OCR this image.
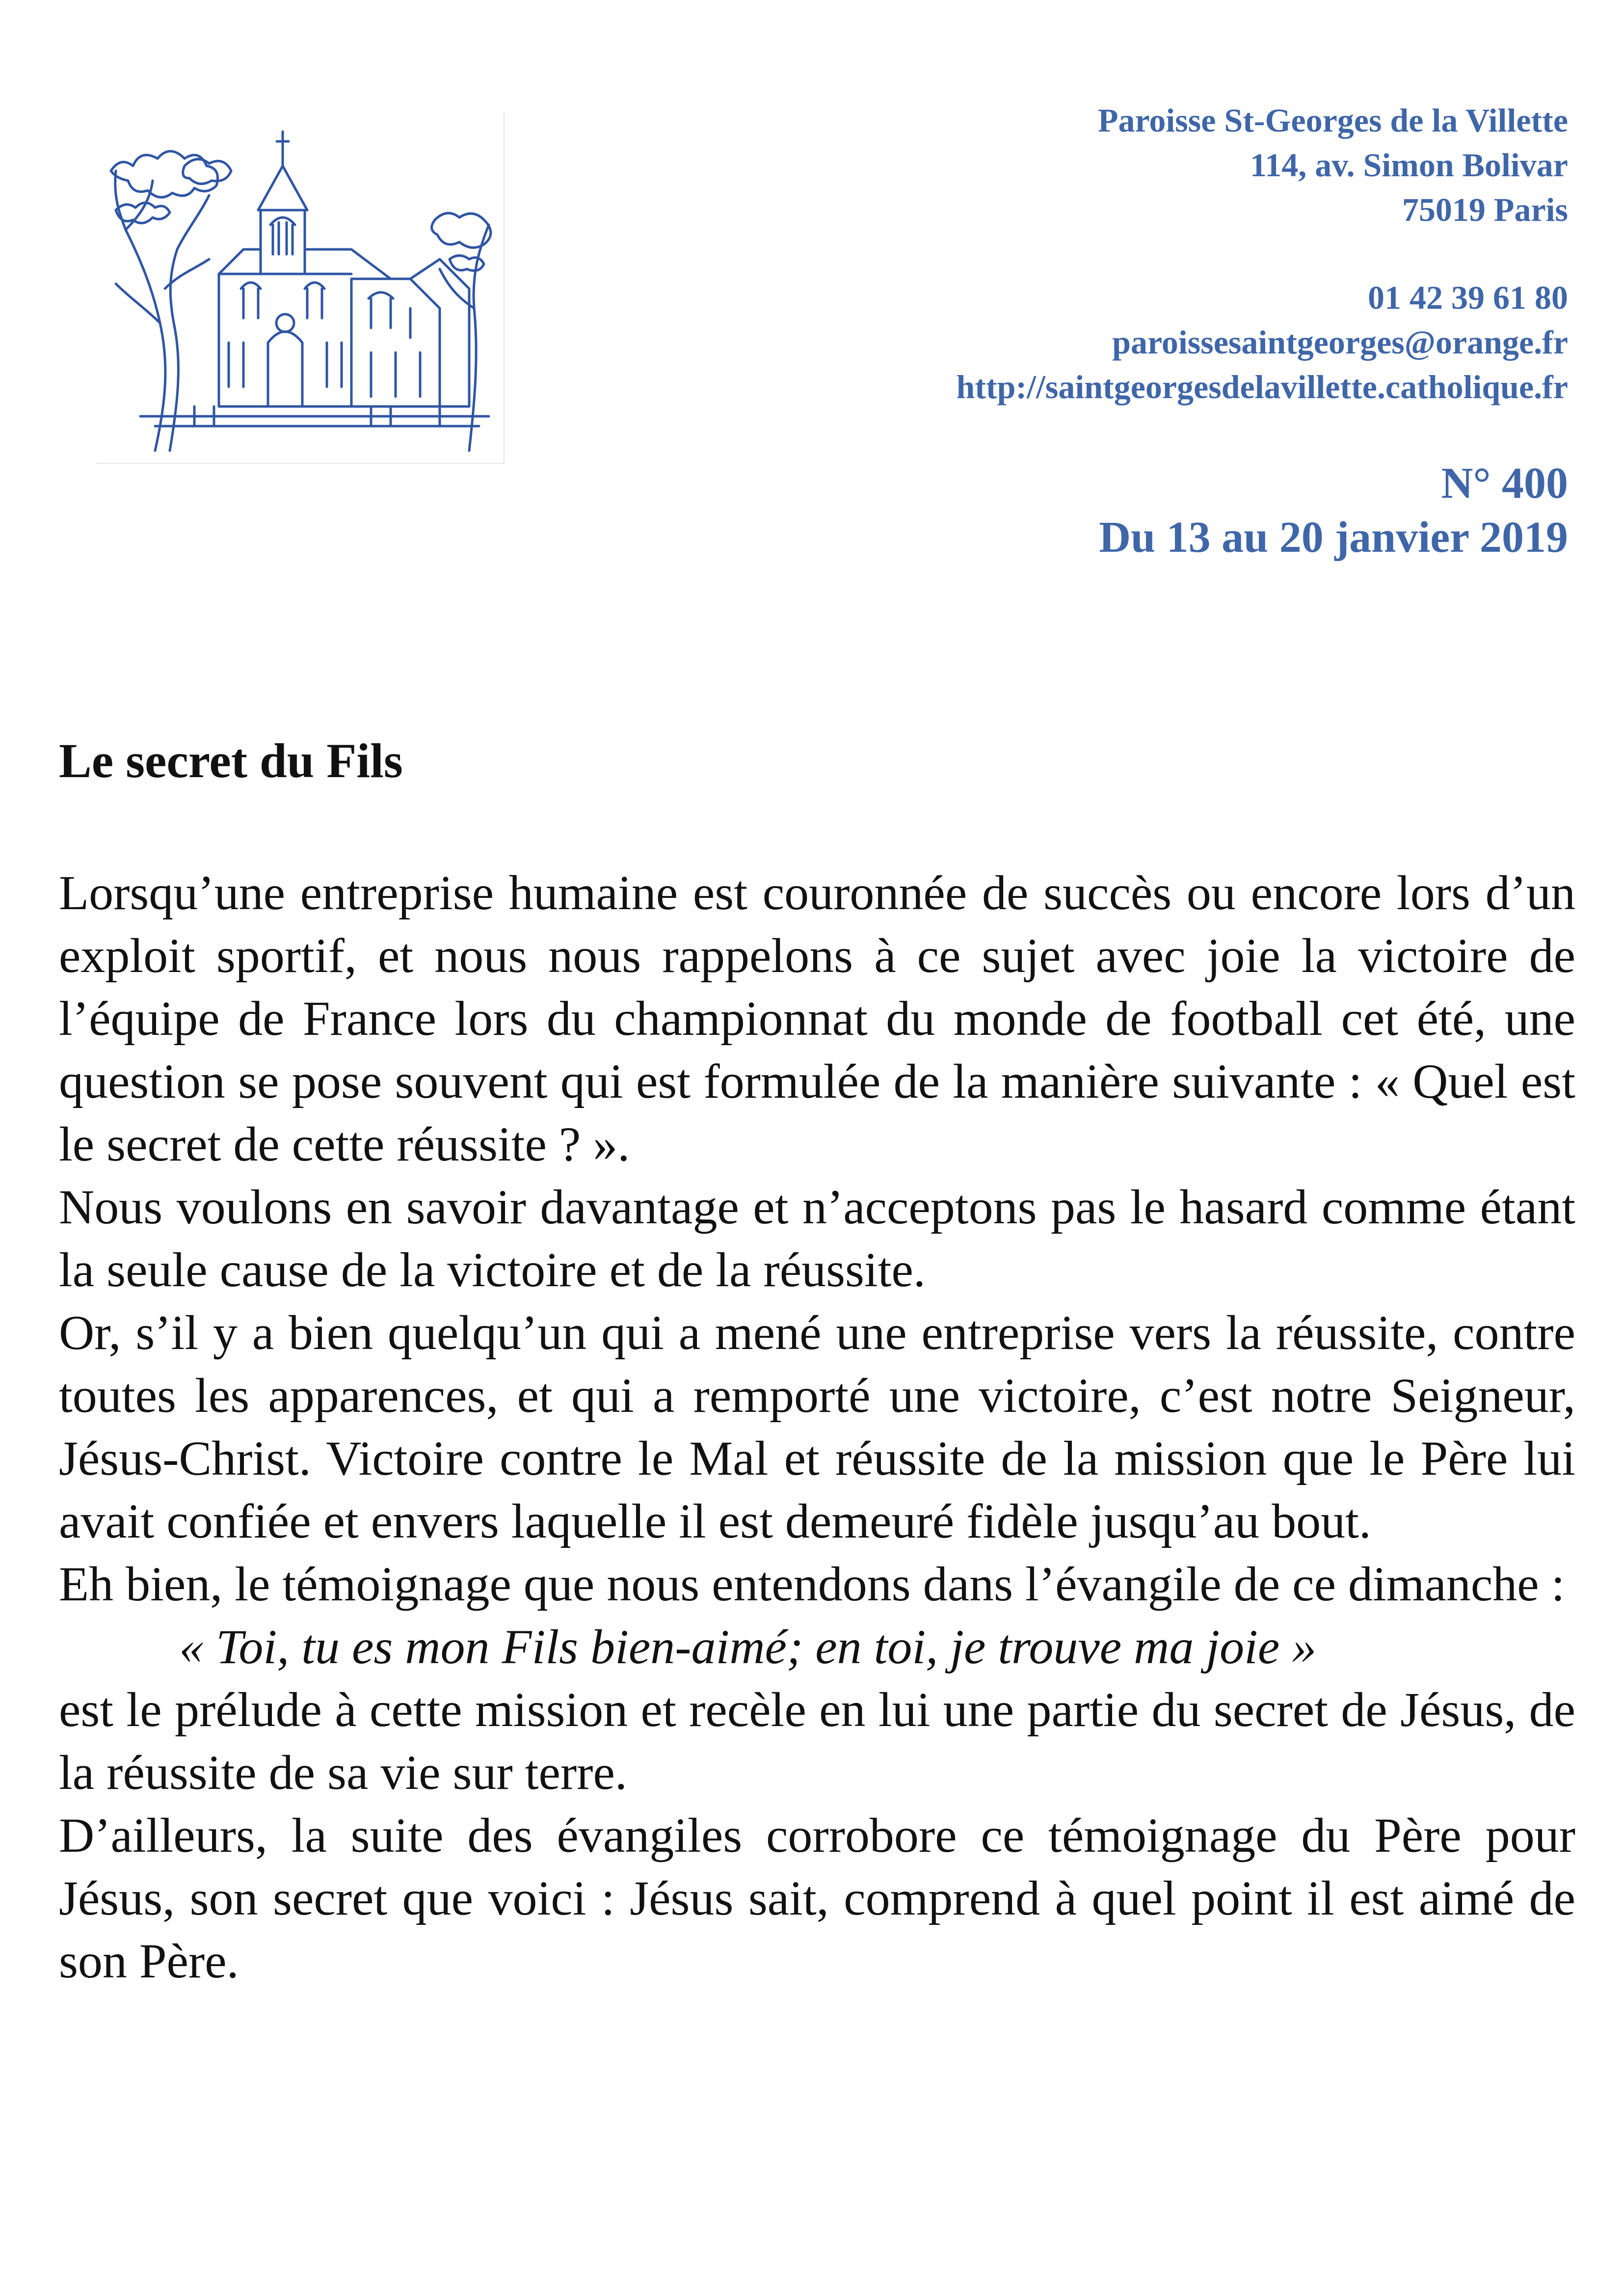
Paroisse St-Georges de la Villette
114, av. Simon Bolivar
75019 Paris
01 42 39 61 80
paroissesaintgeorges@orange.fr
http://saintgeorgesdelavillette.catholique.fr
N° 400
Du 13 au 20 janvier 2019
Le secret du Fils

Lorsqu’une entreprise humaine est couronnée de succès ou encore lors d’un exploit sportif, et nous nous rappelons à ce sujet avec joie la victoire de l’équipe de France lors du championnat du monde de football cet été, une question se pose souvent qui est formulée de la manière suivante : « Quel est le secret de cette réussite ? ».

Nous voulons en savoir davantage et n’acceptons pas le hasard comme étant la seule cause de la victoire et de la réussite.

Or, s’il y a bien quelqu’un qui a mené une entreprise vers la réussite, contre toutes les apparences, et qui a remporté une victoire, c’est notre Seigneur, Jésus-Christ. Victoire contre le Mal et réussite de la mission que le Père lui avait confiée et envers laquelle il est demeuré fidèle jusqu’au bout.

Eh bien, le témoignage que nous entendons dans l’évangile de ce dimanche :

« Toi, tu es mon Fils bien-aimé; en toi, je trouve ma joie »

est le prélude à cette mission et recèle en lui une partie du secret de Jésus, de la réussite de sa vie sur terre.

D’ailleurs, la suite des évangiles corrobore ce témoignage du Père pour Jésus, son secret que voici : Jésus sait, comprend à quel point il est aimé de son Père.
